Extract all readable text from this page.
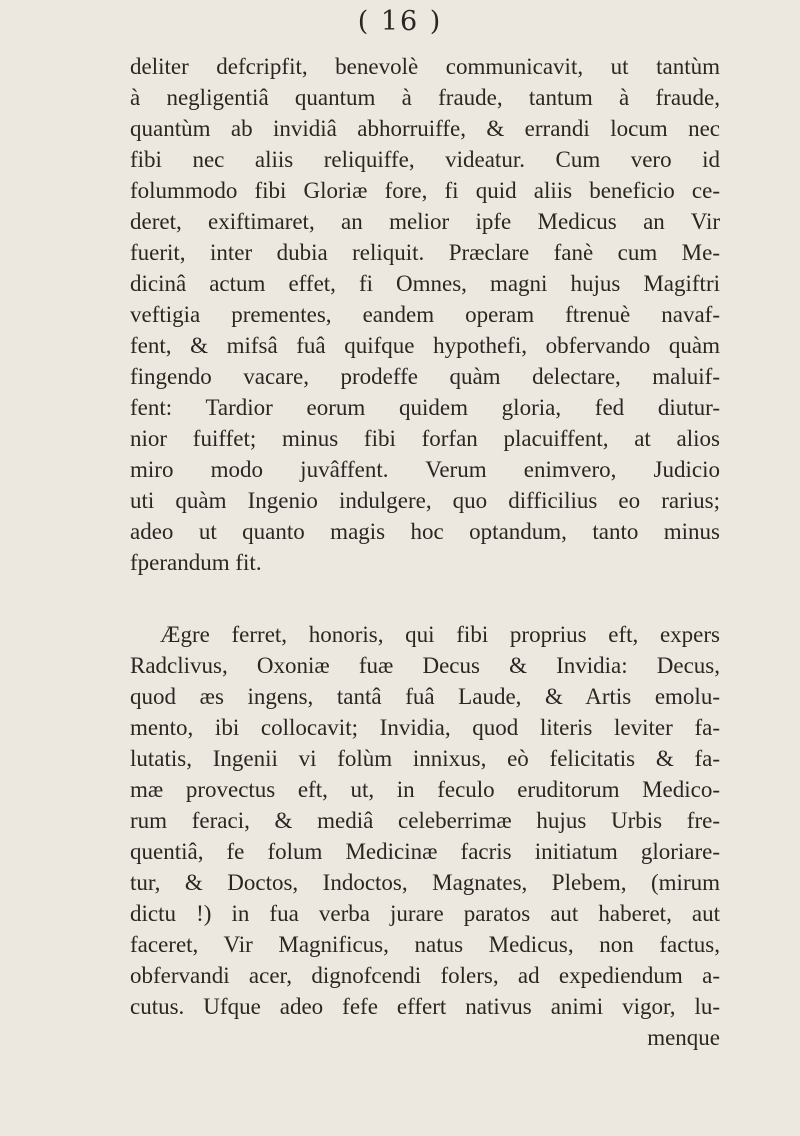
( 16 )
deliter defcripfit, benevolè communicavit, ut tantùm
à negligentiâ quantum à fraude, tantum à fraude,
quantùm ab invidiâ abhorruiffe, & errandi locum nec
fibi nec aliis reliquiffe, videatur. Cum vero id
folummodo fibi Gloriæ fore, fi quid aliis beneficio ce-
deret, exiftimaret, an melior ipfe Medicus an Vir
fuerit, inter dubia reliquit. Præclare fanè cum Me-
dicinâ actum effet, fi Omnes, magni hujus Magiftri
veftigia prementes, eandem operam ftrenuè navaf-
fent, & mifsâ fuâ quifque hypothefi, obfervando quàm
fingendo vacare, prodeffe quàm delectare, maluif-
fent: Tardior eorum quidem gloria, fed diutur-
nior fuiffet; minus fibi forfan placuiffent, at alios
miro modo juvâffent. Verum enimvero, Judicio
uti quàm Ingenio indulgere, quo difficilius eo rarius;
adeo ut quanto magis hoc optandum, tanto minus
fperandum fit.
Ægre ferret, honoris, qui fibi proprius eft, expers
Radclivus, Oxoniæ fuæ Decus & Invidia: Decus,
quod æs ingens, tantâ fuâ Laude, & Artis emolu-
mento, ibi collocavit; Invidia, quod literis leviter fa-
lutatis, Ingenii vi folùm innixus, eò felicitatis & fa-
mæ provectus eft, ut, in feculo eruditorum Medico-
rum feraci, & mediâ celeberrimæ hujus Urbis fre-
quentiâ, fe folum Medicinæ facris initiatum gloriare-
tur, & Doctos, Indoctos, Magnates, Plebem, (mirum
dictu !) in fua verba jurare paratos aut haberet, aut
faceret, Vir Magnificus, natus Medicus, non factus,
obfervandi acer, dignofcendi folers, ad expediendum a-
cutus. Ufque adeo fefe effert nativus animi vigor, lu-
menque
